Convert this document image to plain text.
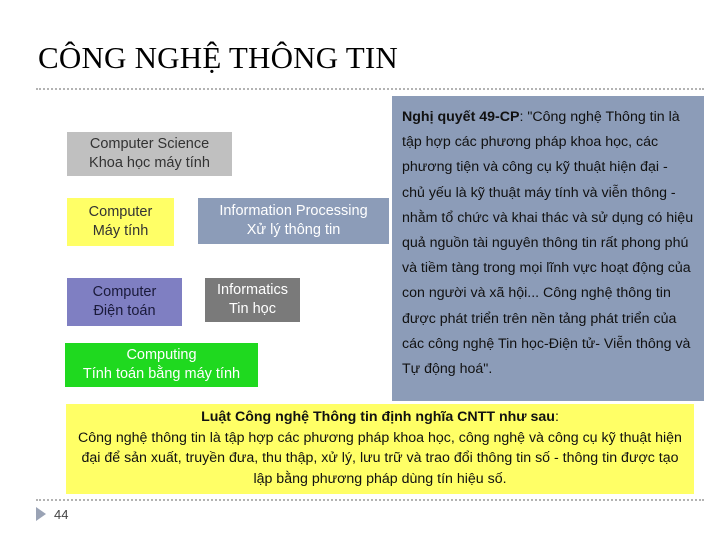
CÔNG NGHỆ THÔNG TIN
Computer Science
Khoa học máy tính
Computer
Máy tính
Information Processing
Xử lý thông tin
Computer
Điện toán
Informatics
Tin học
Computing
Tính toán bằng máy tính
Nghị quyết 49-CP: "Công nghệ Thông tin là tập hợp các phương pháp khoa học, các phương tiện và công cụ kỹ thuật hiện đại - chủ yếu là kỹ thuật máy tính và viễn thông - nhằm tổ chức và khai thác và sử dụng có hiệu quả nguồn tài nguyên thông tin rất phong phú và tiềm tàng trong mọi lĩnh vực hoạt động của con người và xã hội... Công nghệ thông tin được phát triển trên nền tảng phát triển của các công nghệ Tin học-Điện tử- Viễn thông và Tự động hoá".
Luật Công nghệ Thông tin định nghĩa CNTT như sau:
Công nghệ thông tin là tập hợp các phương pháp khoa học, công nghệ và công cụ kỹ thuật hiện đại để sản xuất, truyền đưa, thu thập, xử lý, lưu trữ và trao đổi thông tin số - thông tin được tạo lập bằng phương pháp dùng tín hiệu số.
44
